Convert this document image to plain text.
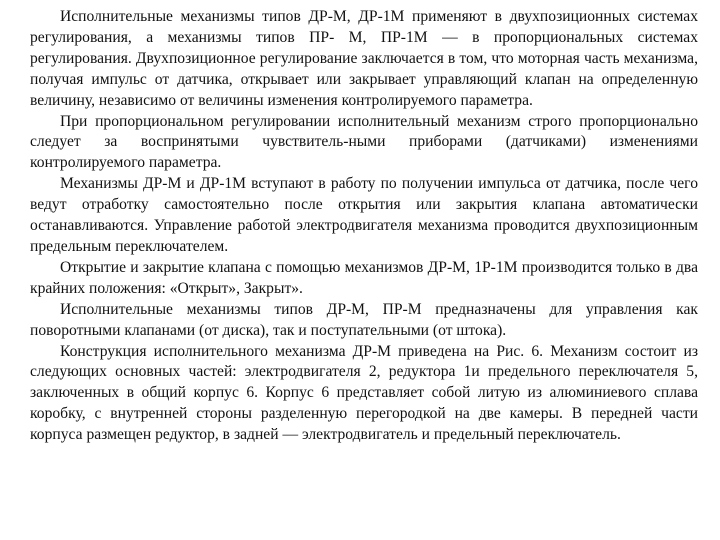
Исполнительные механизмы типов ДР-М, ДР-1М применяют в двухпозиционных системах регулирования, а механизмы типов ПР- М, ПР-1М — в пропорциональных системах регулирования. Двухпозиционное регулирование заключается в том, что моторная часть механизма, получая импульс от датчика, открывает или закрывает управляющий клапан на определенную величину, независимо от величины изменения контролируемого параметра.

При пропорциональном регулировании исполнительный механизм строго пропорционально следует за воспринятыми чувствитель-ными приборами (датчиками) изменениями контролируемого параметра.

Механизмы ДР-М и ДР-1М вступают в работу по получении импульса от датчика, после чего ведут отработку самостоятельно после открытия или закрытия клапана автоматически останавливаются. Управление работой электродвигателя механизма проводится двухпозиционным предельным переключателем.

Открытие и закрытие клапана с помощью механизмов ДР-М, 1Р-1М производится только в два крайних положения: «Открыт», Закрыт».

Исполнительные механизмы типов ДР-М, ПР-М предназначены для управления как поворотными клапанами (от диска), так и поступательными (от штока).

Конструкция исполнительного механизма ДР-М приведена на Рис. 6. Механизм состоит из следующих основных частей: электродвигателя 2, редуктора 1и предельного переключателя 5, заключенных в общий корпус 6. Корпус 6 представляет собой литую из алюминиевого сплава коробку, с внутренней стороны разделенную перегородкой на две камеры. В передней части корпуса размещен редуктор, в задней — электродвигатель и предельный переключатель.
